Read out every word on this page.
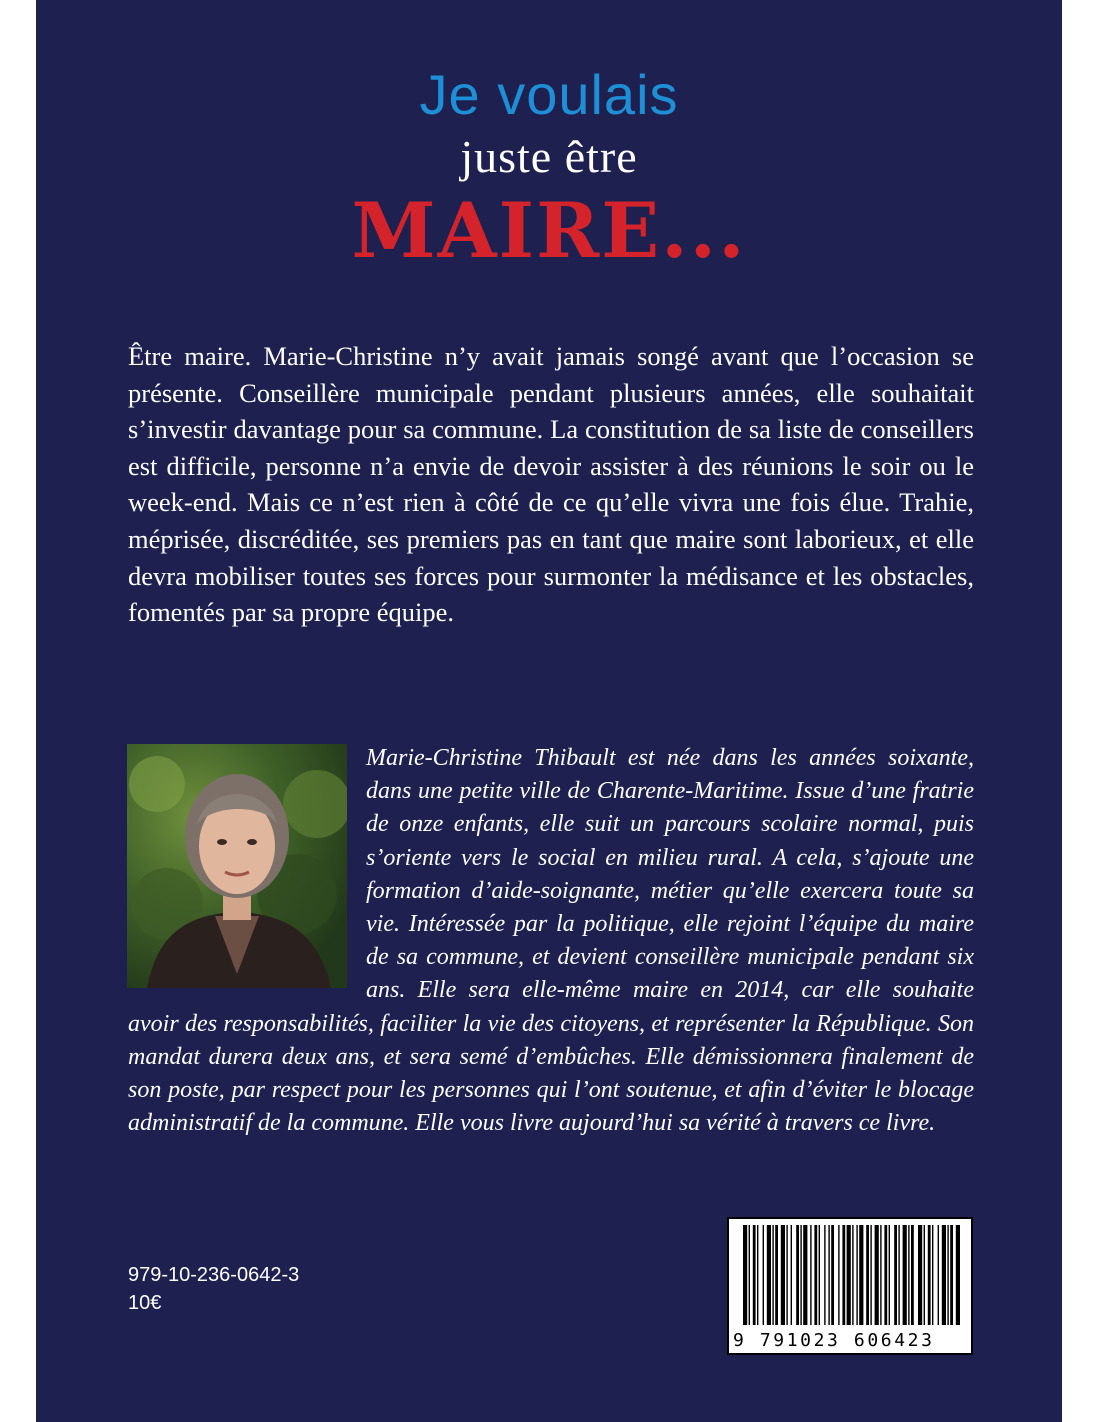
Je voulais
juste être
MAIRE...

Être maire. Marie-Christine n’y avait jamais songé avant que l’occasion se présente. Conseillère municipale pendant plusieurs années, elle souhaitait s’investir davantage pour sa commune. La constitution de sa liste de conseillers est difficile, personne n’a envie de devoir assister à des réunions le soir ou le week-end. Mais ce n’est rien à côté de ce qu’elle vivra une fois élue. Trahie, méprisée, discréditée, ses premiers pas en tant que maire sont laborieux, et elle devra mobiliser toutes ses forces pour surmonter la médisance et les obstacles, fomentés par sa propre équipe.

Marie-Christine Thibault est née dans les années soixante, dans une petite ville de Charente-Maritime. Issue d’une fratrie de onze enfants, elle suit un parcours scolaire normal, puis s’oriente vers le social en milieu rural. A cela, s’ajoute une formation d’aide-soignante, métier qu’elle exercera toute sa vie. Intéressée par la politique, elle rejoint l’équipe du maire de sa commune, et devient conseillère municipale pendant six ans. Elle sera elle-même maire en 2014, car elle souhaite avoir des responsabilités, faciliter la vie des citoyens, et représenter la République. Son mandat durera deux ans, et sera semé d’embûches. Elle démissionnera finalement de son poste, par respect pour les personnes qui l’ont soutenue, et afin d’éviter le blocage administratif de la commune. Elle vous livre aujourd’hui sa vérité à travers ce livre.

979-10-236-0642-3

10€

9 791023 606423
